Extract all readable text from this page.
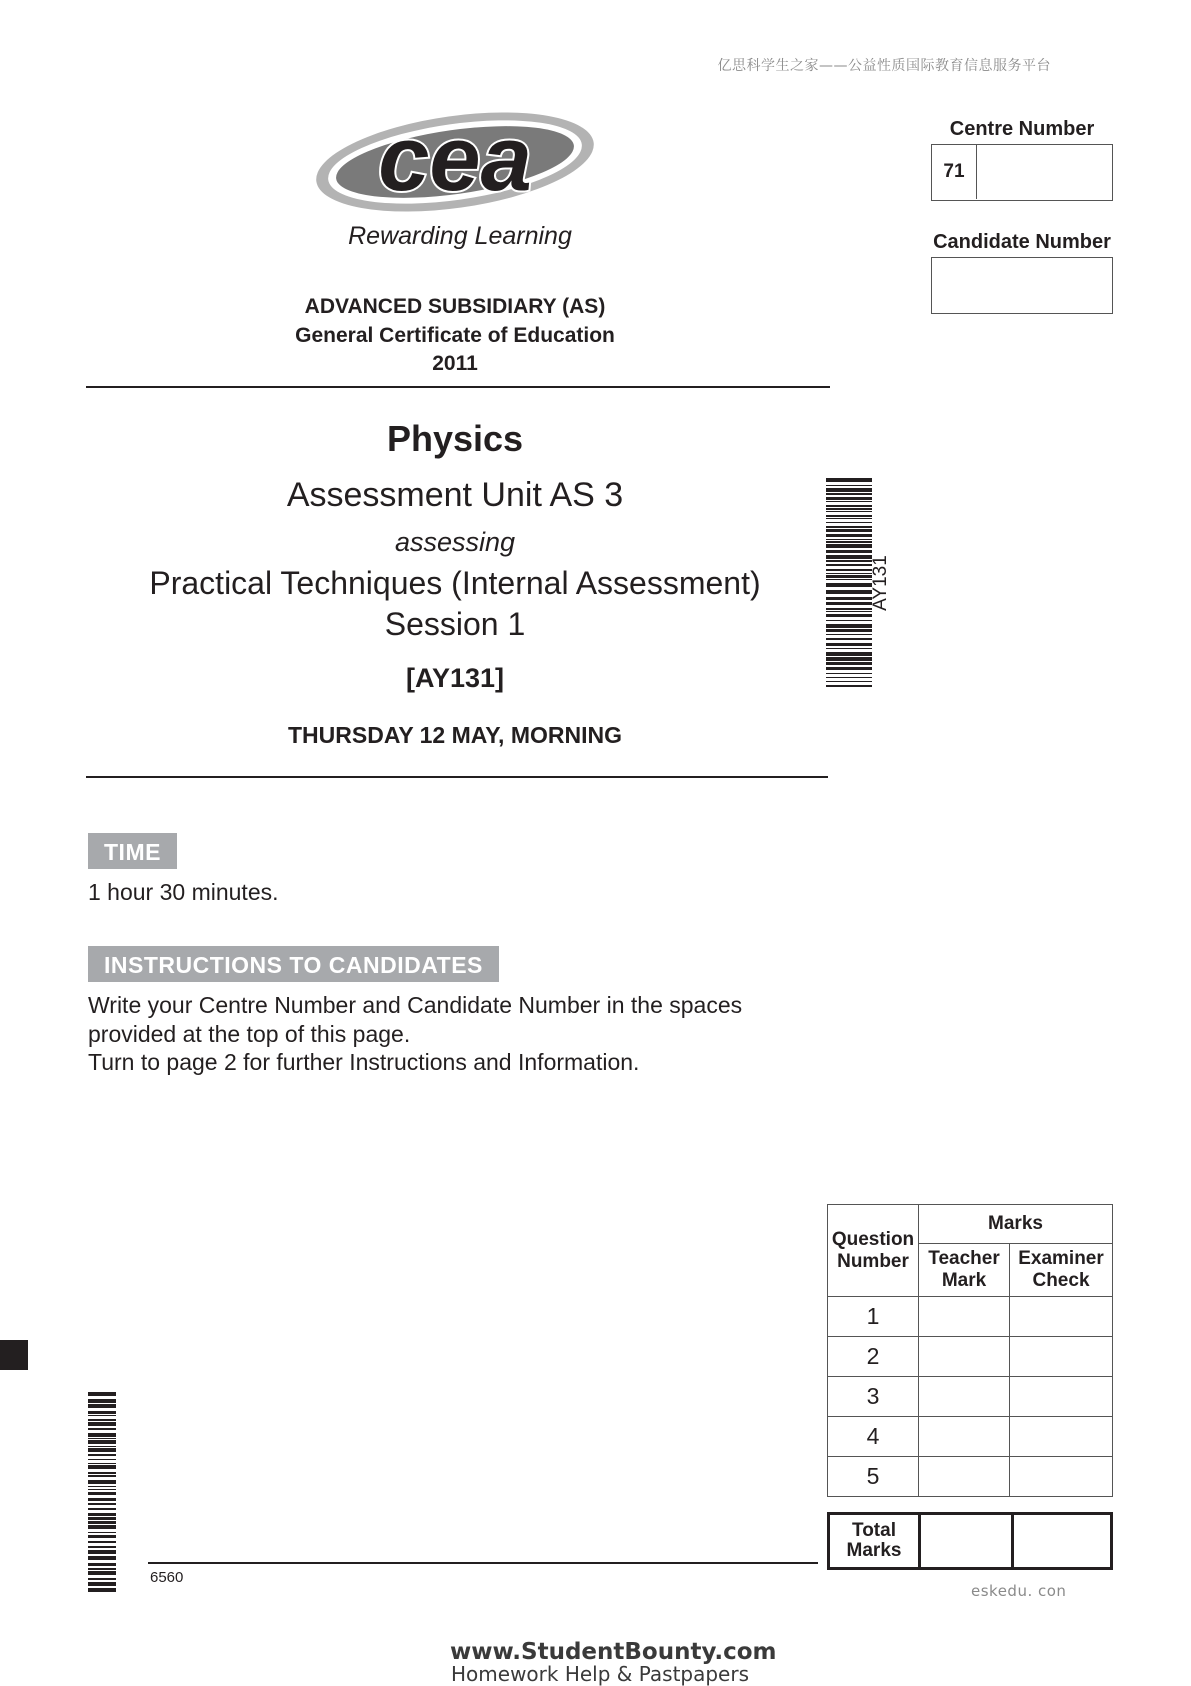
亿思科学生之家——公益性质国际教育信息服务平台
cea
Rewarding Learning
ADVANCED SUBSIDIARY (AS)
General Certificate of Education
2011
Centre Number
71
Candidate Number
Physics
Assessment Unit AS 3
assessing
Practical Techniques (Internal Assessment)
Session 1
[AY131]
THURSDAY 12 MAY, MORNING
AY131
TIME
1 hour 30 minutes.
INSTRUCTIONS TO CANDIDATES
Write your Centre Number and Candidate Number in the spaces
provided at the top of this page.
Turn to page 2 for further Instructions and Information.
Question Number	Marks	
	Teacher Mark	Examiner Check
1		
2		
3		
4		
5		
Total Marks		
6560
eskedu. con
www.StudentBounty.com
Homework Help & Pastpapers
